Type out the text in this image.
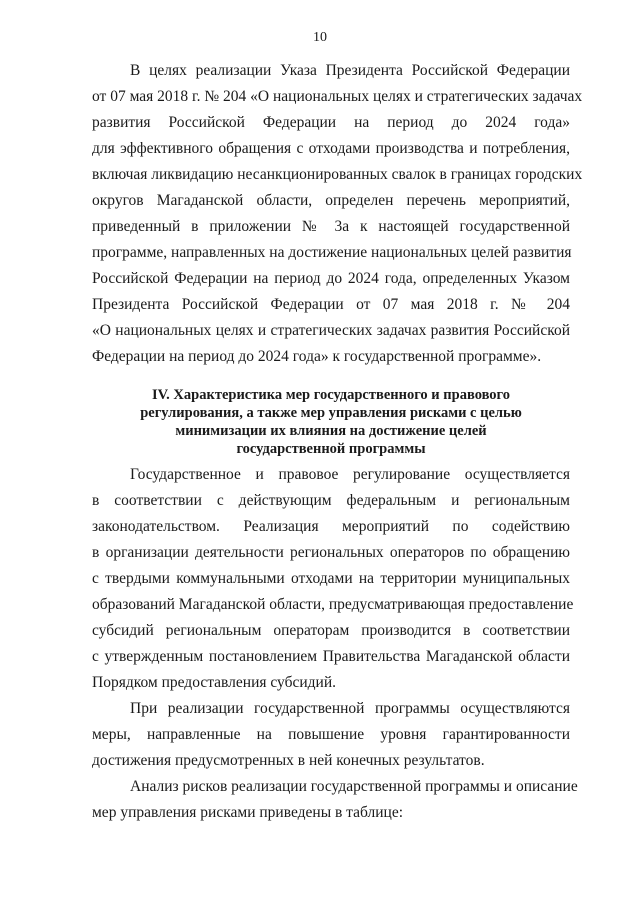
10
В целях реализации Указа Президента Российской Федерации
от 07 мая 2018 г. № 204 «О национальных целях и стратегических задачах
развития Российской Федерации на период до 2024 года»
для эффективного обращения с отходами производства и потребления,
включая ликвидацию несанкционированных свалок в границах городских
округов Магаданской области, определен перечень мероприятий,
приведенный в приложении № 3а к настоящей государственной
программе, направленных на достижение национальных целей развития
Российской Федерации на период до 2024 года, определенных Указом
Президента Российской Федерации от 07 мая 2018 г. № 204
«О национальных целях и стратегических задачах развития Российской
Федерации на период до 2024 года» к государственной программе».
IV. Характеристика мер государственного и правового
регулирования, а также мер управления рисками с целью
минимизации их влияния на достижение целей
государственной программы
Государственное и правовое регулирование осуществляется
в соответствии с действующим федеральным и региональным
законодательством. Реализация мероприятий по содействию
в организации деятельности региональных операторов по обращению
с твердыми коммунальными отходами на территории муниципальных
образований Магаданской области, предусматривающая предоставление
субсидий региональным операторам производится в соответствии
с утвержденным постановлением Правительства Магаданской области
Порядком предоставления субсидий.
При реализации государственной программы осуществляются
меры, направленные на повышение уровня гарантированности
достижения предусмотренных в ней конечных результатов.
Анализ рисков реализации государственной программы и описание
мер управления рисками приведены в таблице:
